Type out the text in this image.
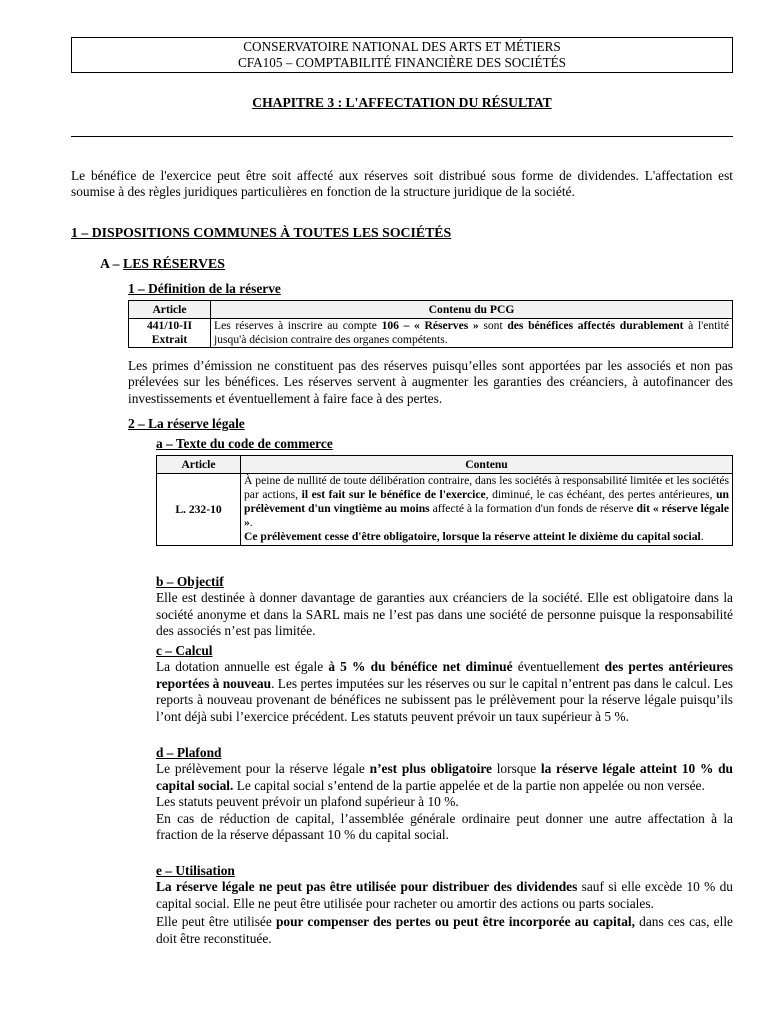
CONSERVATOIRE NATIONAL DES ARTS ET MÉTIERS
CFA105 – COMPTABILITÉ FINANCIÈRE DES SOCIÉTÉS
CHAPITRE 3 : L'AFFECTATION DU RÉSULTAT
Le bénéfice de l'exercice peut être soit affecté aux réserves soit distribué sous forme de dividendes. L'affectation est soumise à des règles juridiques particulières en fonction de la structure juridique de la société.
1 – DISPOSITIONS COMMUNES À TOUTES LES SOCIÉTÉS
A – LES RÉSERVES
1 – Définition de la réserve
Article	Contenu du PCG
441/10-II
Extrait	Les réserves à inscrire au compte 106 – « Réserves » sont des bénéfices affectés durablement à l'entité jusqu'à décision contraire des organes compétents.
Les primes d’émission ne constituent pas des réserves puisqu’elles sont apportées par les associés et non pas prélevées sur les bénéfices. Les réserves servent à augmenter les garanties des créanciers, à autofinancer des investissements et éventuellement à faire face à des pertes.
2 – La réserve légale
a – Texte du code de commerce
Article	Contenu
L. 232-10	À peine de nullité de toute délibération contraire, dans les sociétés à responsabilité limitée et les sociétés par actions, il est fait sur le bénéfice de l'exercice, diminué, le cas échéant, des pertes antérieures, un prélèvement d'un vingtième au moins affecté à la formation d'un fonds de réserve dit « réserve légale ».
Ce prélèvement cesse d'être obligatoire, lorsque la réserve atteint le dixième du capital social.
b – Objectif
Elle est destinée à donner davantage de garanties aux créanciers de la société. Elle est obligatoire dans la société anonyme et dans la SARL mais ne l’est pas dans une société de personne puisque la responsabilité des associés n’est pas limitée.
c – Calcul
La dotation annuelle est égale à 5 % du bénéfice net diminué éventuellement des pertes antérieures reportées à nouveau. Les pertes imputées sur les réserves ou sur le capital n’entrent pas dans le calcul. Les reports à nouveau provenant de bénéfices ne subissent pas le prélèvement pour la réserve légale puisqu’ils l’ont déjà subi l’exercice précédent. Les statuts peuvent prévoir un taux supérieur à 5 %.
d – Plafond
Le prélèvement pour la réserve légale n’est plus obligatoire lorsque la réserve légale atteint 10 % du capital social. Le capital social s’entend de la partie appelée et de la partie non appelée ou non versée.
Les statuts peuvent prévoir un plafond supérieur à 10 %.
En cas de réduction de capital, l’assemblée générale ordinaire peut donner une autre affectation à la fraction de la réserve dépassant 10 % du capital social.
e – Utilisation
La réserve légale ne peut pas être utilisée pour distribuer des dividendes sauf si elle excède 10 % du capital social. Elle ne peut être utilisée pour racheter ou amortir des actions ou parts sociales.
Elle peut être utilisée pour compenser des pertes ou peut être incorporée au capital, dans ces cas, elle doit être reconstituée.
